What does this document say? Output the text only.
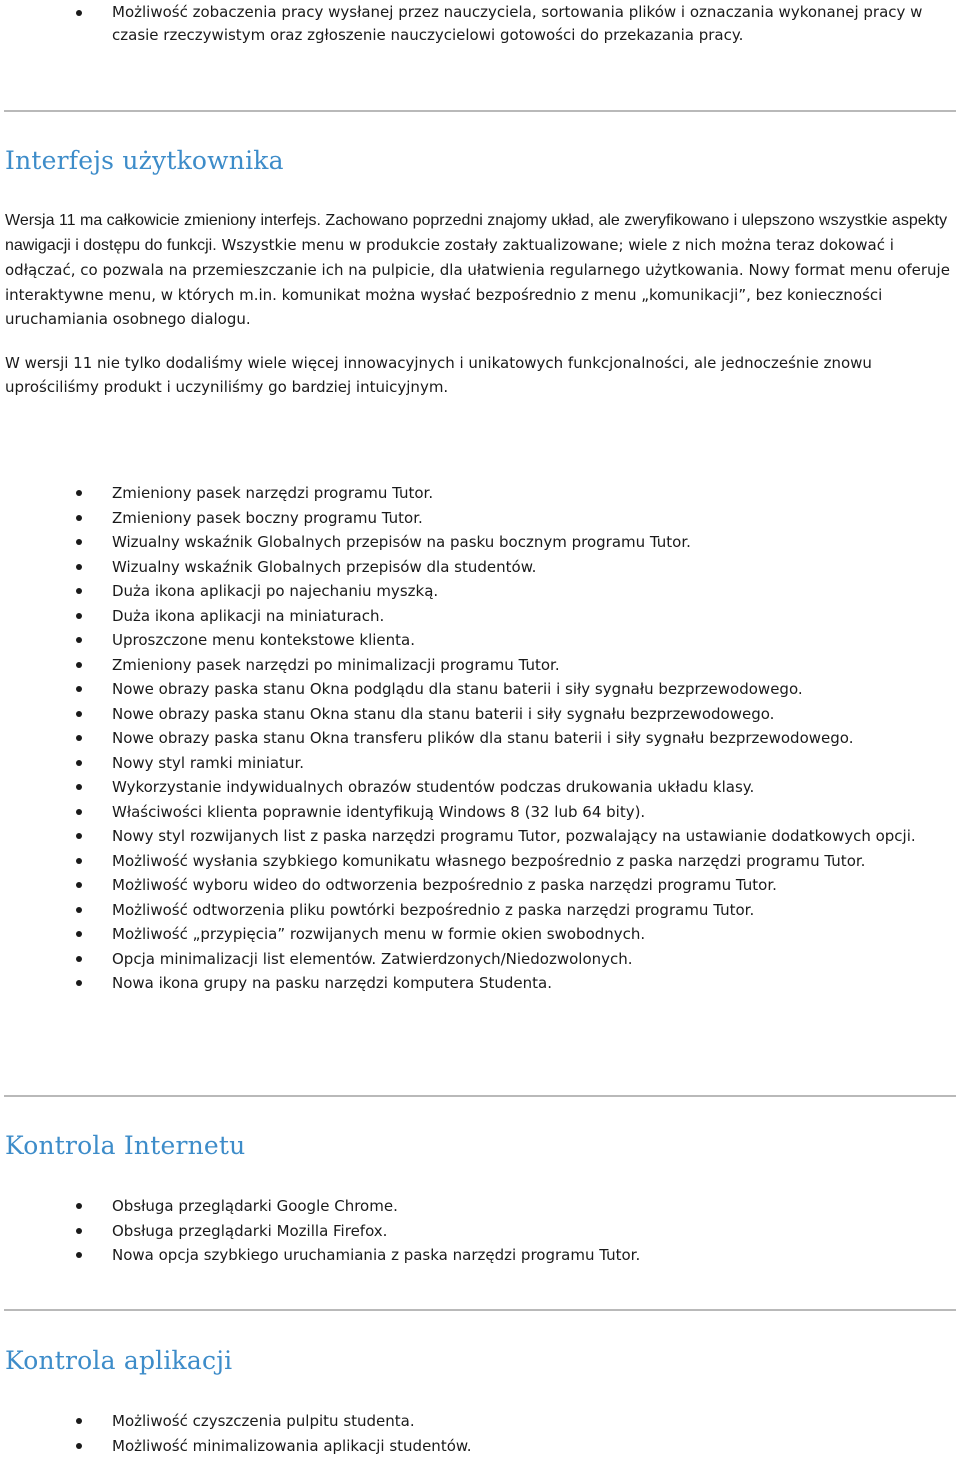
Możliwość zobaczenia pracy wysłanej przez nauczyciela, sortowania plików i oznaczania wykonanej pracy w czasie rzeczywistym oraz zgłoszenie nauczycielowi gotowości do przekazania pracy.
Interfejs użytkownika

Wersja 11 ma całkowicie zmieniony interfejs. Zachowano poprzedni znajomy układ, ale zweryfikowano i ulepszono wszystkie aspekty nawigacji i dostępu do funkcji. Wszystkie menu w produkcie zostały zaktualizowane; wiele z nich można teraz dokować i odłączać, co pozwala na przemieszczanie ich na pulpicie, dla ułatwienia regularnego użytkowania. Nowy format menu oferuje interaktywne menu, w których m.in. komunikat można wysłać bezpośrednio z menu „komunikacji”, bez konieczności uruchamiania osobnego dialogu.

W wersji 11 nie tylko dodaliśmy wiele więcej innowacyjnych i unikatowych funkcjonalności, ale jednocześnie znowu uprościliśmy produkt i uczyniliśmy go bardziej intuicyjnym.

Zmieniony pasek narzędzi programu Tutor.
Zmieniony pasek boczny programu Tutor.
Wizualny wskaźnik Globalnych przepisów na pasku bocznym programu Tutor.
Wizualny wskaźnik Globalnych przepisów dla studentów.
Duża ikona aplikacji po najechaniu myszką.
Duża ikona aplikacji na miniaturach.
Uproszczone menu kontekstowe klienta.
Zmieniony pasek narzędzi po minimalizacji programu Tutor.
Nowe obrazy paska stanu Okna podglądu dla stanu baterii i siły sygnału bezprzewodowego.
Nowe obrazy paska stanu Okna stanu dla stanu baterii i siły sygnału bezprzewodowego.
Nowe obrazy paska stanu Okna transferu plików dla stanu baterii i siły sygnału bezprzewodowego.
Nowy styl ramki miniatur.
Wykorzystanie indywidualnych obrazów studentów podczas drukowania układu klasy.
Właściwości klienta poprawnie identyfikują Windows 8 (32 lub 64 bity).
Nowy styl rozwijanych list z paska narzędzi programu Tutor, pozwalający na ustawianie dodatkowych opcji.
Możliwość wysłania szybkiego komunikatu własnego bezpośrednio z paska narzędzi programu Tutor.
Możliwość wyboru wideo do odtworzenia bezpośrednio z paska narzędzi programu Tutor.
Możliwość odtworzenia pliku powtórki bezpośrednio z paska narzędzi programu Tutor.
Możliwość „przypięcia” rozwijanych menu w formie okien swobodnych.
Opcja minimalizacji list elementów. Zatwierdzonych/Niedozwolonych.
Nowa ikona grupy na pasku narzędzi komputera Studenta.
Kontrola Internetu
Obsługa przeglądarki Google Chrome.
Obsługa przeglądarki Mozilla Firefox.
Nowa opcja szybkiego uruchamiania z paska narzędzi programu Tutor.
Kontrola aplikacji
Możliwość czyszczenia pulpitu studenta.
Możliwość minimalizowania aplikacji studentów.
